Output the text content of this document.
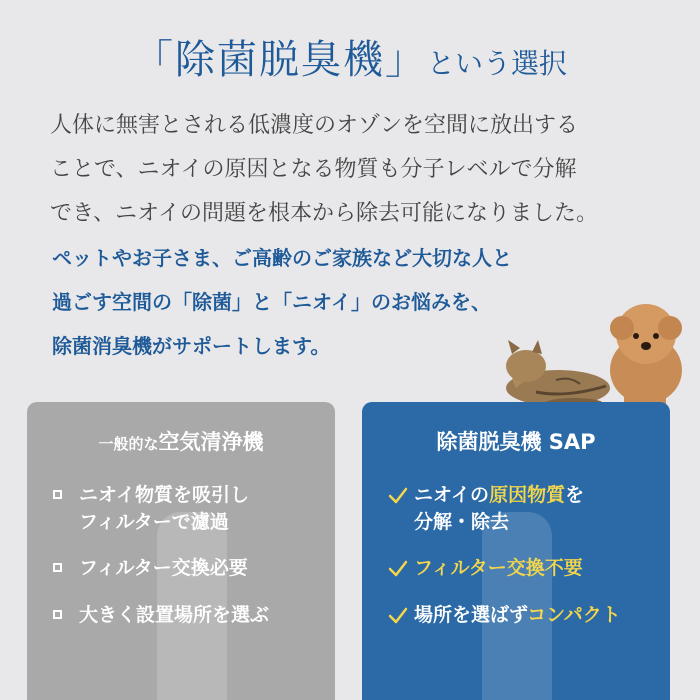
「除菌脱臭機」という選択
人体に無害とされる低濃度のオゾンを空間に放出する
ことで、ニオイの原因となる物質も分子レベルで分解
でき、ニオイの問題を根本から除去可能になりました。
ペットやお子さま、ご高齢のご家族など大切な人と
過ごす空間の「除菌」と「ニオイ」のお悩みを、
除菌消臭機がサポートします。
一般的な空気清浄機
ニオイ物質を吸引し
フィルターで濾過
フィルター交換必要
大きく設置場所を選ぶ
除菌脱臭機 SAP
ニオイの原因物質を
分解・除去
フィルター交換不要
場所を選ばずコンパクト
